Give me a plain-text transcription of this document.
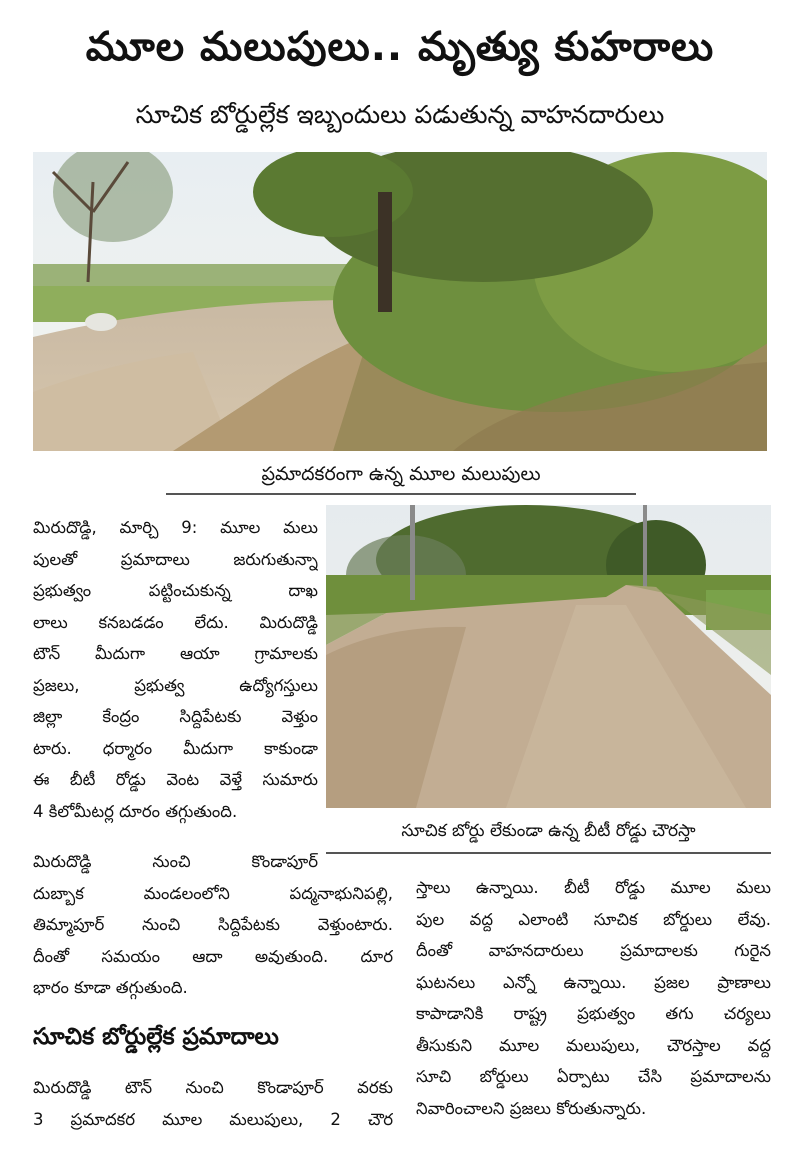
మూల మలుపులు.. మృత్యు కుహరాలు
సూచిక బోర్డుల్లేక ఇబ్బందులు పడుతున్న వాహనదారులు
ప్రమాదకరంగా ఉన్న మూల మలుపులు
సూచిక బోర్డు లేకుండా ఉన్న బీటీ రోడ్డు చౌరస్తా
మిరుదొడ్డి, మార్చి 9: మూల మలు
పులతో ప్రమాదాలు జరుగుతున్నా
ప్రభుత్వం పట్టించుకున్న దాఖ
లాలు కనబడడం లేదు. మిరుదొడ్డి
టౌన్ మీదుగా ఆయా గ్రామాలకు
ప్రజలు, ప్రభుత్వ ఉద్యోగస్తులు
జిల్లా కేంద్రం సిద్దిపేటకు వెళ్తుం
టారు. ధర్మారం మీదుగా కాకుండా
ఈ బీటీ రోడ్డు వెంట వెళ్తే సుమారు
4 కిలోమీటర్ల దూరం తగ్గుతుంది.
మిరుదొడ్డి నుంచి కొండాపూర్
దుబ్బాక మండలంలోని పద్మనాభునిపల్లి,
తిమ్మాపూర్ నుంచి సిద్దిపేటకు వెళ్తుంటారు.
దీంతో సమయం ఆదా అవుతుంది. దూర
భారం కూడా తగ్గుతుంది.
సూచిక బోర్డుల్లేక ప్రమాదాలు
మిరుదొడ్డి టౌన్ నుంచి కొండాపూర్ వరకు
3 ప్రమాదకర మూల మలుపులు, 2 చౌర
స్తాలు ఉన్నాయి. బీటీ రోడ్డు మూల మలు
పుల వద్ద ఎలాంటి సూచిక బోర్డులు లేవు.
దీంతో వాహనదారులు ప్రమాదాలకు గురైన
ఘటనలు ఎన్నో ఉన్నాయి. ప్రజల ప్రాణాలు
కాపాడానికి రాష్ట్ర ప్రభుత్వం తగు చర్యలు
తీసుకుని మూల మలుపులు, చౌరస్తాల వద్ద
సూచి బోర్డులు ఏర్పాటు చేసి ప్రమాదాలను
నివారించాలని ప్రజలు కోరుతున్నారు.
